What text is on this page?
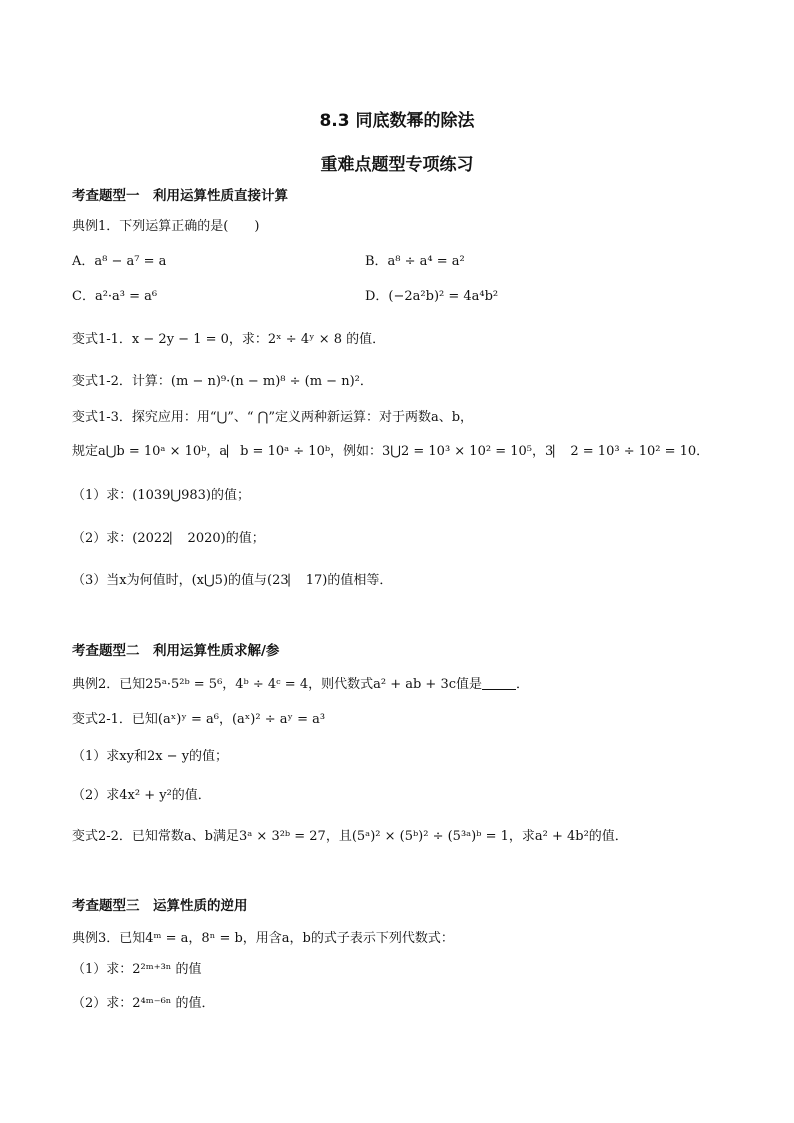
8.3 同底数幂的除法
重难点题型专项练习
考查题型一　利用运算性质直接计算
典例1．下列运算正确的是(　　)
A．a⁸ − a⁷ = a	B．a⁸ ÷ a⁴ = a²
C．a²·a³ = a⁶	D．(−2a²b)² = 4a⁴b²
变式1-1．x − 2y − 1 = 0，求：2ˣ ÷ 4ʸ × 8 的值．
变式1-2．计算：(m − n)⁹·(n − m)⁸ ÷ (m − n)²．
变式1-3．探究应用：用“⋃”、“ ⋂”定义两种新运算：对于两数a、b，
规定a⋃b = 10ᵃ × 10ᵇ，a⎸b = 10ᵃ ÷ 10ᵇ，例如：3⋃2 = 10³ × 10² = 10⁵，3⎸ 2 = 10³ ÷ 10² = 10．
（1）求：(1039⋃983)的值；
（2）求：(2022⎸ 2020)的值；
（3）当x为何值时，(x⋃5)的值与(23⎸ 17)的值相等．
考查题型二　利用运算性质求解/参
典例2．已知25ᵃ·5²ᵇ = 5⁶，4ᵇ ÷ 4ᶜ = 4，则代数式a² + ab + 3c值是	．
变式2-1．已知(aˣ)ʸ = a⁶，(aˣ)² ÷ aʸ = a³
（1）求xy和2x − y的值；
（2）求4x² + y²的值．
变式2-2．已知常数a、b满足3ᵃ × 3²ᵇ = 27，且(5ᵃ)² × (5ᵇ)² ÷ (5³ᵃ)ᵇ = 1，求a² + 4b²的值．
考查题型三　运算性质的逆用
典例3．已知4ᵐ = a，8ⁿ = b，用含a，b的式子表示下列代数式：
（1）求：2²ᵐ⁺³ⁿ 的值
（2）求：2⁴ᵐ⁻⁶ⁿ 的值．
